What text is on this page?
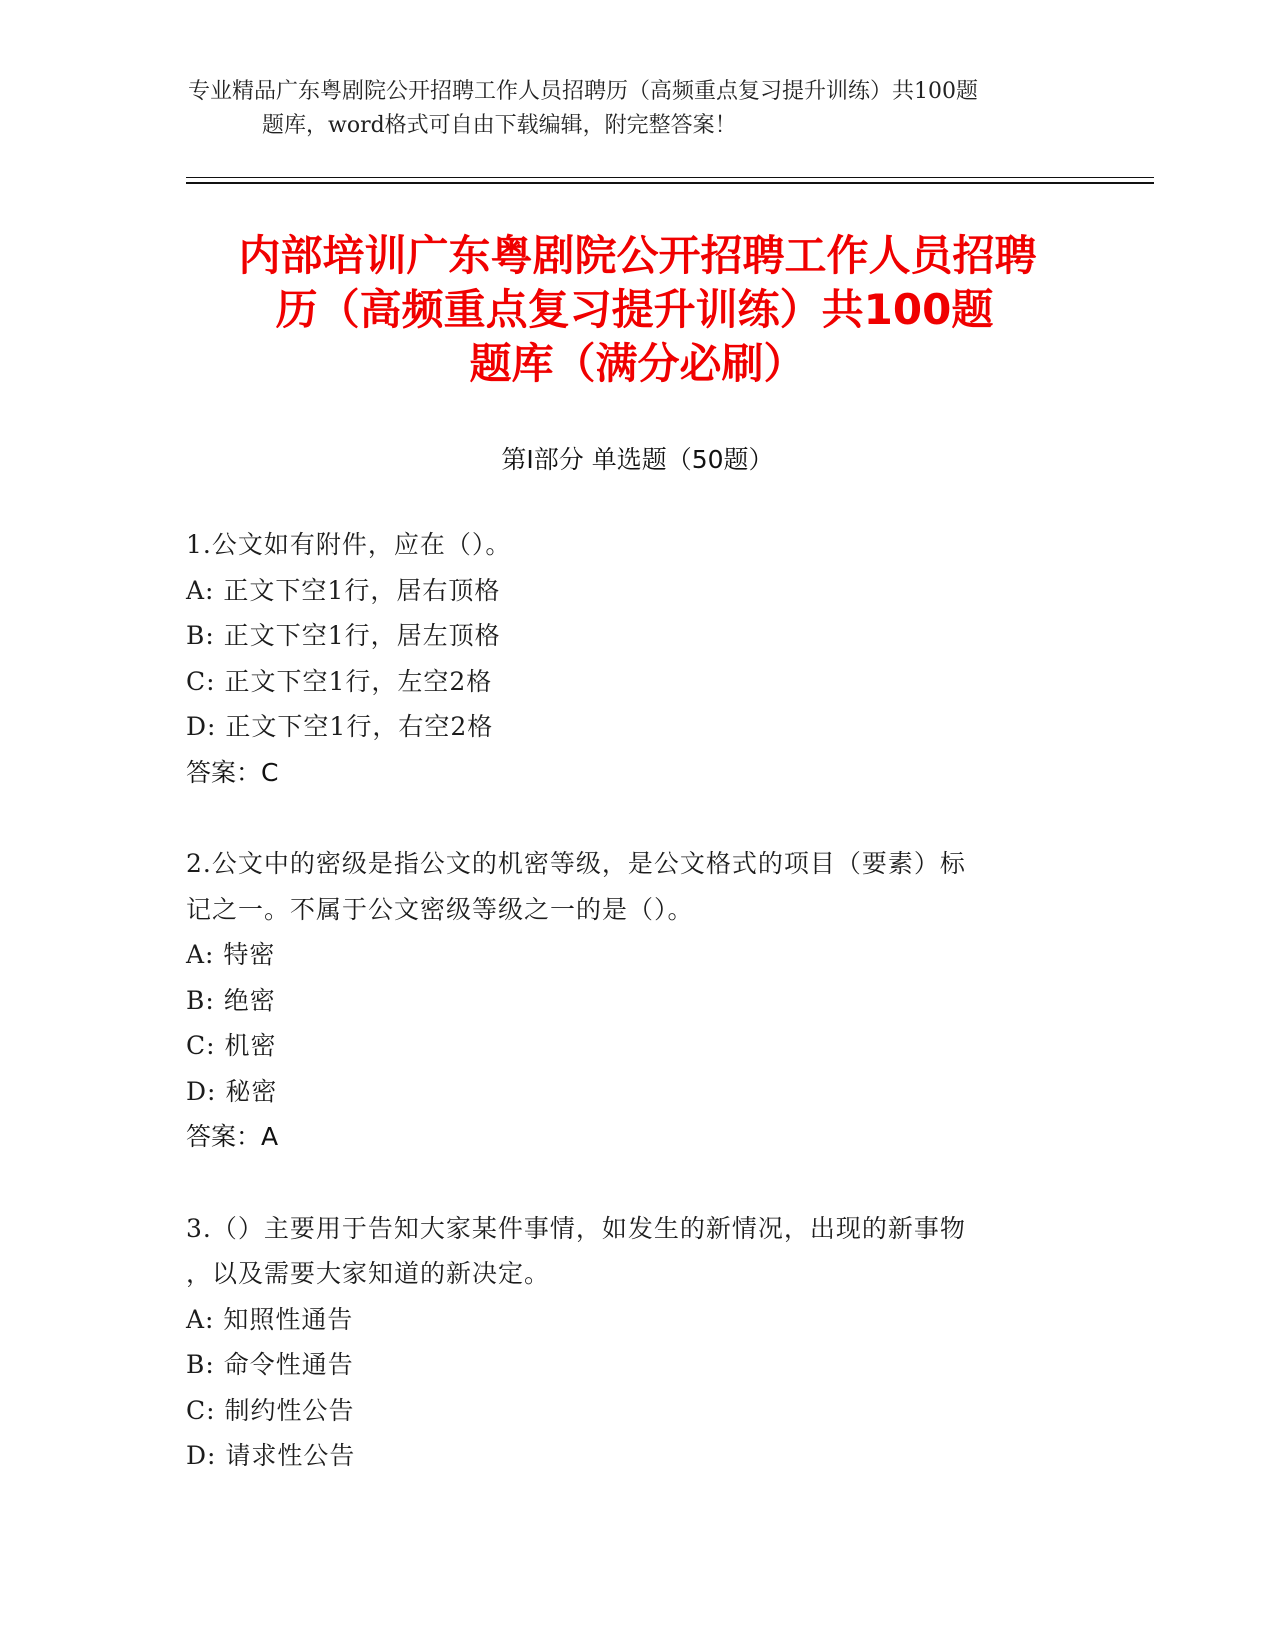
专业精品广东粤剧院公开招聘工作人员招聘历（高频重点复习提升训练）共100题
题库，word格式可自由下载编辑，附完整答案！
内部培训广东粤剧院公开招聘工作人员招聘
历（高频重点复习提升训练）共100题
题库（满分必刷）
第I部分 单选题（50题）
1.公文如有附件，应在（）。
A: 正文下空1行，居右顶格
B: 正文下空1行，居左顶格
C: 正文下空1行，左空2格
D: 正文下空1行，右空2格
答案：C
2.公文中的密级是指公文的机密等级，是公文格式的项目（要素）标
记之一。不属于公文密级等级之一的是（）。
A: 特密
B: 绝密
C: 机密
D: 秘密
答案：A
3.（）主要用于告知大家某件事情，如发生的新情况，出现的新事物
，以及需要大家知道的新决定。
A: 知照性通告
B: 命令性通告
C: 制约性公告
D: 请求性公告
